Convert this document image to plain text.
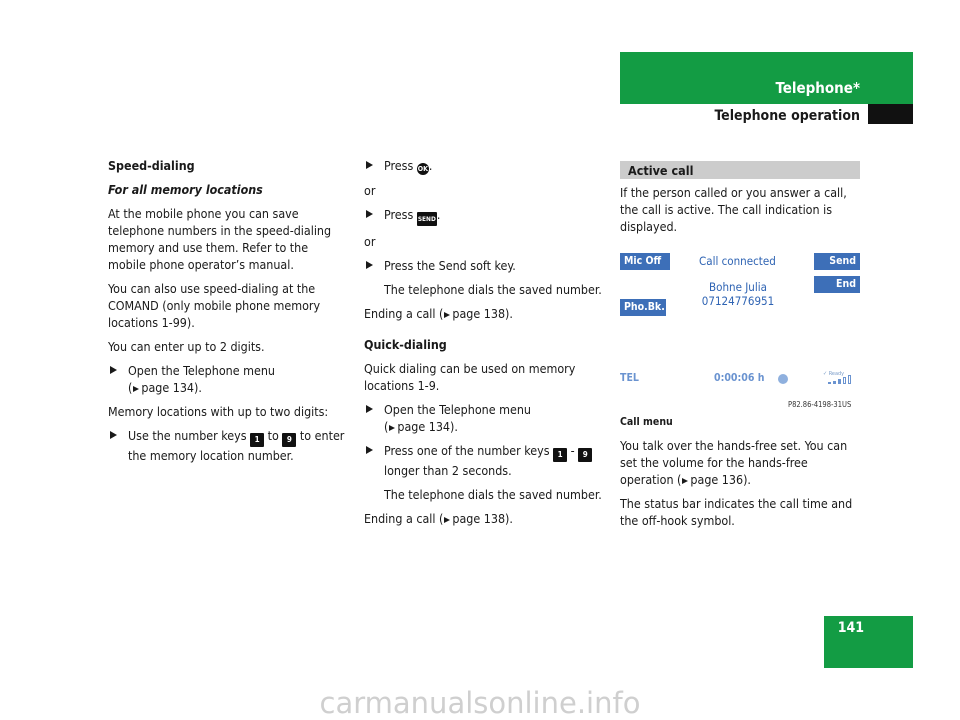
Telephone*
Telephone operation

Speed-dialing

For all memory locations

At the mobile phone you can save telephone numbers in the speed-dialing memory and use them. Refer to the mobile phone operator’s manual.

You can also use speed-dialing at the COMAND (only mobile phone memory locations 1-99).

You can enter up to 2 digits.

Open the Telephone menu
( page 134).

Memory locations with up to two digits:

Use the number keys 1 to 9 to enter the memory location number.
Press OK.

or

Press SEND.

or

Press the Send soft key.

The telephone dials the saved number.

Ending a call ( page 138).

Quick-dialing

Quick dialing can be used on memory locations 1-9.

Open the Telephone menu
( page 134).
Press one of the number keys 1 - 9 longer than 2 seconds.

The telephone dials the saved number.

Ending a call ( page 138).

Active call

If the person called or you answer a call, the call is active. The call indication is displayed.

Mic Off	Call connected	Send
End
Bohne Julia
07124776951
Pho.Bk.
TEL	0:00:06 h	✓ Ready
P82.86-4198-31US

Call menu

You talk over the hands-free set. You can set the volume for the hands-free operation ( page 136).

The status bar indicates the call time and the off-hook symbol.

141
carmanualsonline.info
